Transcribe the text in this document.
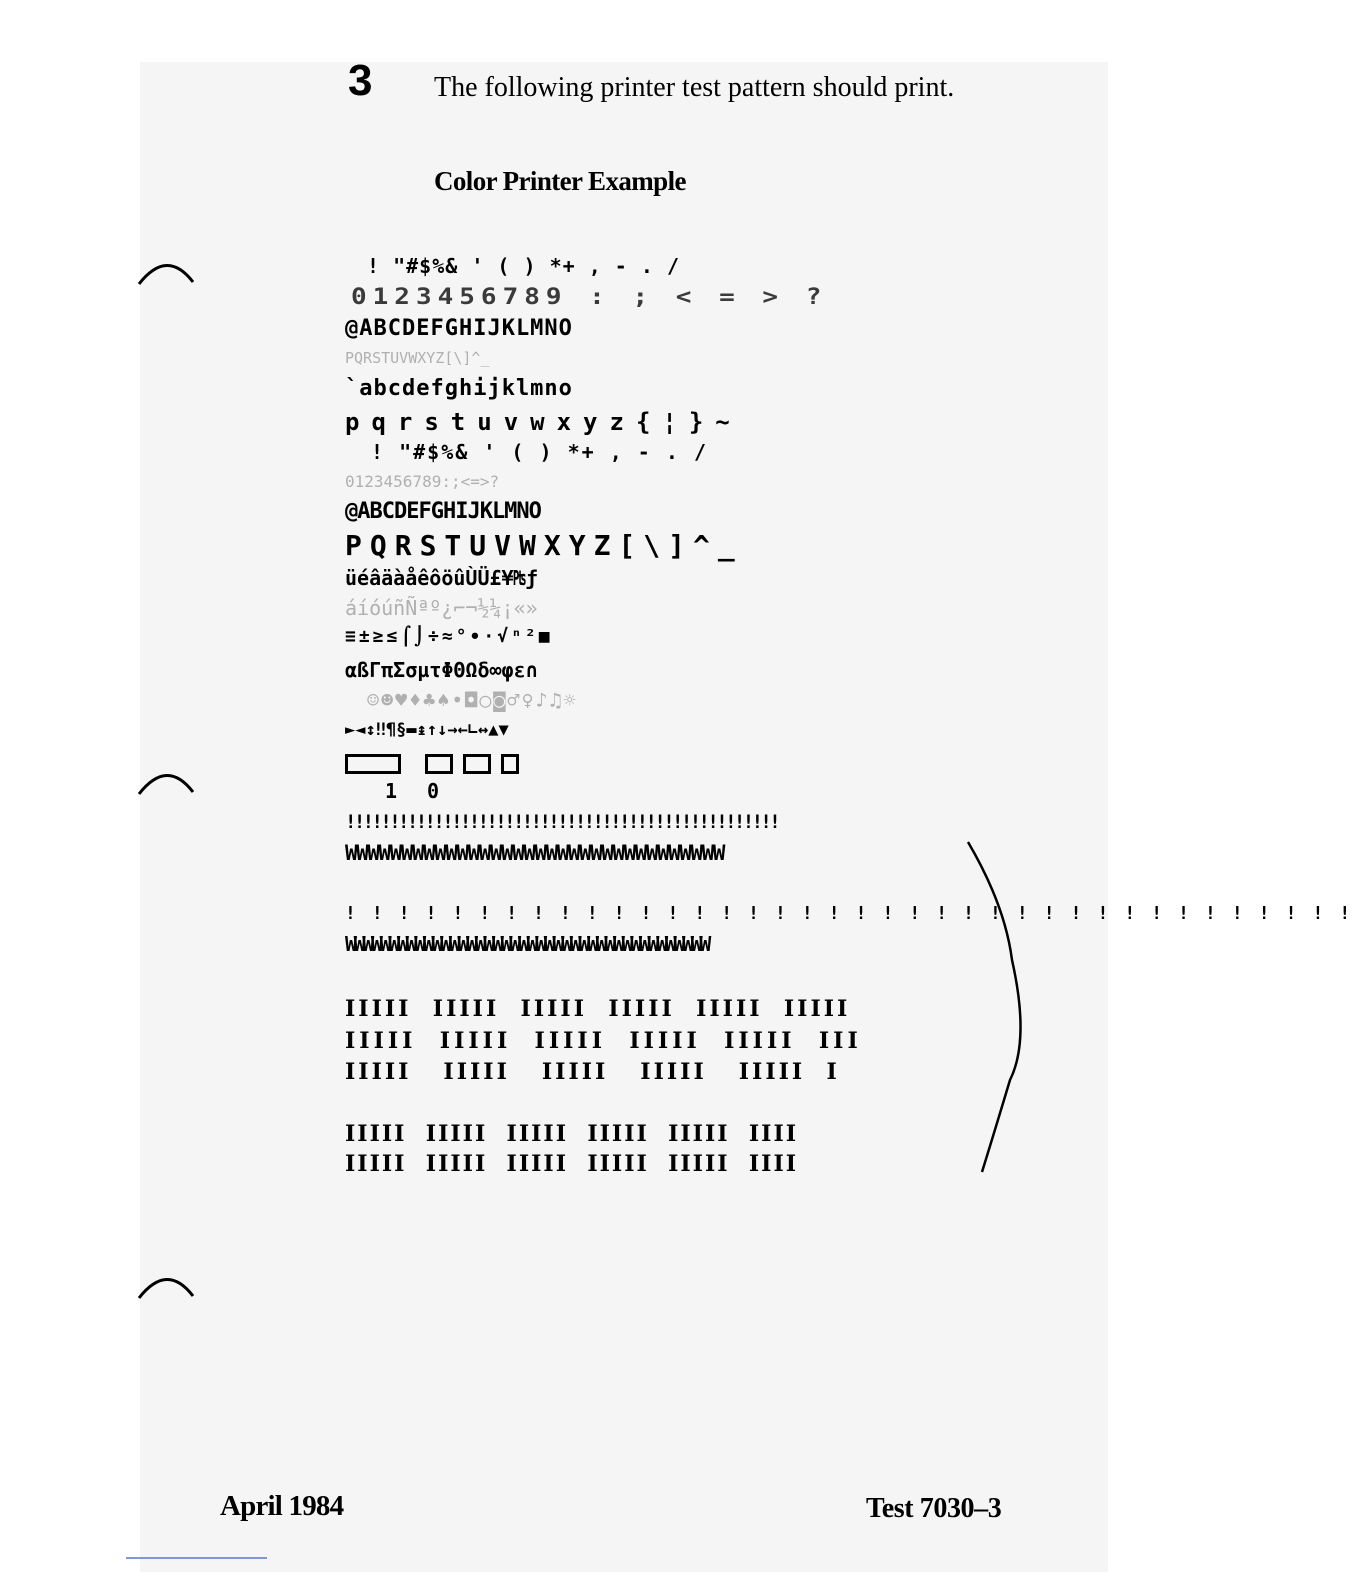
3 The following printer test pattern should print.
Color Printer Example
! "#$%& ' ( ) *+ , - . /
0123456789 : ; < = > ?
@ABCDEFGHIJKLMNO
PQRSTUVWXYZ[\]^_
`abcdefghijklmno
pqrstuvwxyz{¦}~
! "#$%& ' ( ) *+ , - . /
0123456789:;<=>?
@ABCDEFGHIJKLMNO
PQRSTUVWXYZ[\]^_
üéâäàåêôöûÙÜ£¥₧ƒ
áíóúñÑªº¿⌐¬½¼¡«»
≡±≥≤⌠⌡÷≈°∙·√ⁿ²■
αßΓπΣσµτΦΘΩδ∞φε∩
☺☻♥♦♣♠•◘○◙♂♀♪♫☼
►◄↕‼¶§▬↨↑↓→←∟↔▲▼
1 0
!!!!!!!!!!!!!!!!!!!!!!!!!!!!!!!!!!!!!!!!!!!!!!!!!
WWWWWWWWWWWWWWWWWWWWWWWWWWWWWWWWWW
! ! ! ! ! ! ! ! ! ! ! ! ! ! ! ! ! ! ! ! ! ! ! ! ! ! ! ! ! ! ! ! ! ! ! ! ! !
WWWWWWWWWWWWWWWWWWWWWWWWWWWWWWWWWWWWWWWWWW
IIIII  IIIII  IIIII  IIIII  IIIII  IIIII
IIIII  IIIII  IIIII  IIIII  IIIII  III
IIIII   IIIII   IIIII   IIIII   IIIII  I
IIIII  IIIII  IIIII  IIIII  IIIII  IIII
IIIII  IIIII  IIIII  IIIII  IIIII  IIII
April 1984	Test 7030–3
